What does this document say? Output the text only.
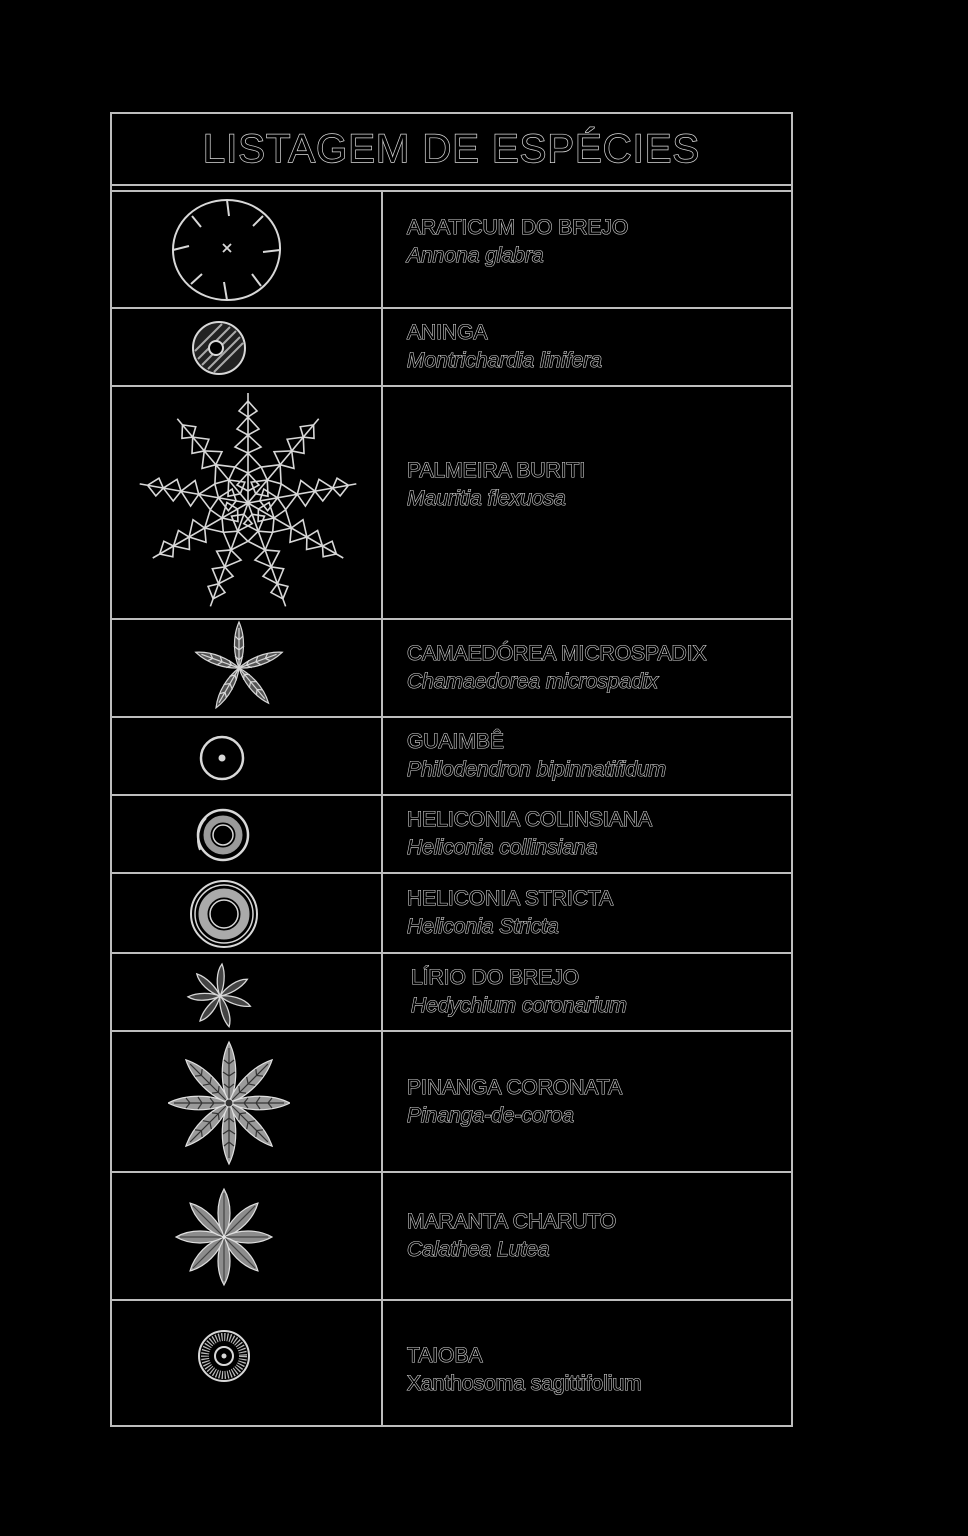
LISTAGEM DE ESPÉCIES
ARATICUM DO BREJO
Annona glabra
ANINGA
Montrichardia linifera
PALMEIRA BURITI
Mauritia flexuosa
CAMAEDÓREA MICROSPADIX
Chamaedorea microspadix
GUAIMBÊ
Philodendron bipinnatifidum
HELICONIA COLINSIANA
Heliconia collinsiana
HELICONIA STRICTA
Heliconia Stricta
LÍRIO DO BREJO
Hedychium coronarium
PINANGA CORONATA
Pinanga-de-coroa
MARANTA CHARUTO
Calathea Lutea
TAIOBA
Xanthosoma sagittifolium
